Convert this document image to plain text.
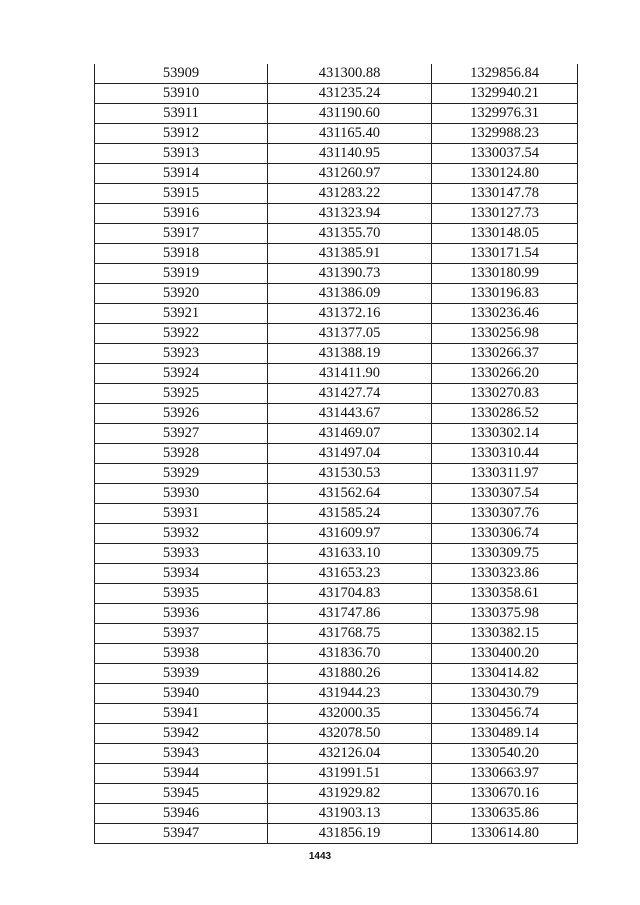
53909	431300.88	1329856.84
53910	431235.24	1329940.21
53911	431190.60	1329976.31
53912	431165.40	1329988.23
53913	431140.95	1330037.54
53914	431260.97	1330124.80
53915	431283.22	1330147.78
53916	431323.94	1330127.73
53917	431355.70	1330148.05
53918	431385.91	1330171.54
53919	431390.73	1330180.99
53920	431386.09	1330196.83
53921	431372.16	1330236.46
53922	431377.05	1330256.98
53923	431388.19	1330266.37
53924	431411.90	1330266.20
53925	431427.74	1330270.83
53926	431443.67	1330286.52
53927	431469.07	1330302.14
53928	431497.04	1330310.44
53929	431530.53	1330311.97
53930	431562.64	1330307.54
53931	431585.24	1330307.76
53932	431609.97	1330306.74
53933	431633.10	1330309.75
53934	431653.23	1330323.86
53935	431704.83	1330358.61
53936	431747.86	1330375.98
53937	431768.75	1330382.15
53938	431836.70	1330400.20
53939	431880.26	1330414.82
53940	431944.23	1330430.79
53941	432000.35	1330456.74
53942	432078.50	1330489.14
53943	432126.04	1330540.20
53944	431991.51	1330663.97
53945	431929.82	1330670.16
53946	431903.13	1330635.86
53947	431856.19	1330614.80
1443
